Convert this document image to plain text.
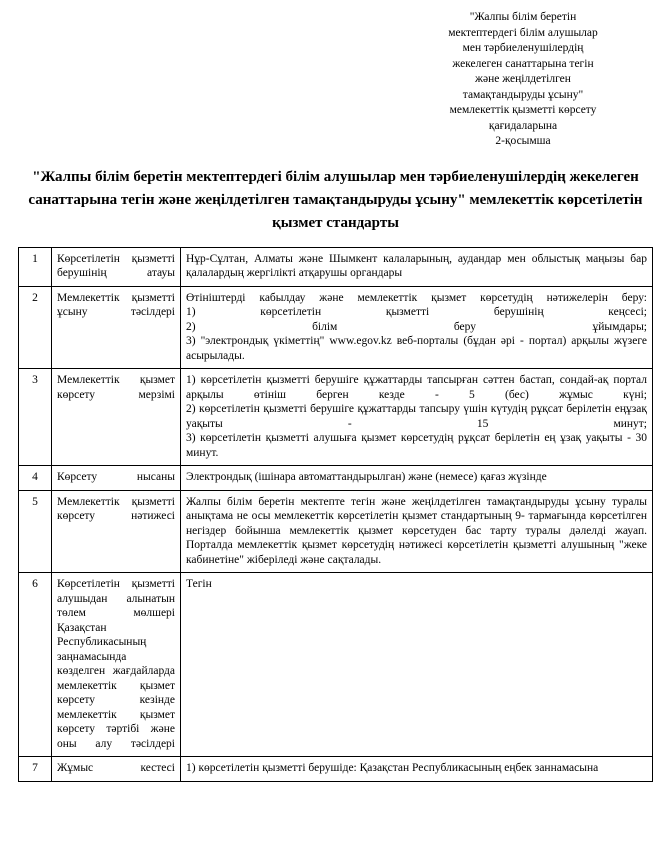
"Жалпы білім беретін
мектептердегі білім алушылар
мен тәрбиеленушілердің
жекелеген санаттарына тегін
және жеңілдетілген
тамақтандыруды ұсыну"
мемлекеттік қызметті көрсету
қағидаларына
2-қосымша
"Жалпы білім беретін мектептердегі білім алушылар мен тәрбиеленушілердің жекелеген санаттарына тегін және жеңілдетілген тамақтандыруды ұсыну" мемлекеттік көрсетілетін қызмет стандарты
1	Көрсетілетін қызметті берушінің атауы	Нұр-Сұлтан, Алматы және Шымкент калаларының, аудандар мен облыстық маңызы бар қалалардың жергілікті атқарушы органдары

2	Мемлекеттік қызметті ұсыну тәсілдері	Өтініштерді кабылдау және мемлекеттік қызмет көрсетудің нәтижелерін беру:

1) көрсетілетін қызметті берушінің кеңсесі;

2) білім беру ұйымдары;

3) "электрондық үкіметтің" www.egov.kz веб-порталы (бұдан әрі - портал) арқылы жүзеге асырылады.

3	Мемлекеттік қызмет көрсету мерзімі	1) көрсетілетін қызметті берушіге құжаттарды тапсырған сәттен бастап, сондай-ақ портал арқылы өтініш берген кезде - 5 (бес) жұмыс күні;

2) көрсетілетін қызметті берушіге құжаттарды тапсыру үшін күтудің рұқсат берілетін еңұзақ уақыты - 15 минут;

3) көрсетілетін қызметті алушыға қызмет көрсетудің рұқсат берілетін ең ұзақ уақыты - 30 минут.

4	Көрсету нысаны	Электрондық (ішінара автоматтандырылган) және (немесе) қағаз жүзінде

5	Мемлекеттік қызметті көрсету нәтижесі	Жалпы білім беретін мектепте тегін және жеңілдетілген тамақтандыруды ұсыну туралы анықтама не осы мемлекеттік көрсетілетін қызмет стандартының 9- тармағында көрсетілген негіздер бойынша мемлекеттік қызмет көрсетуден бас тарту туралы дәлелді жауап.

Порталда мемлекеттік қызмет көрсетудің нәтижесі көрсетілетін қызметті алушының "жеке кабинетіне" жіберіледі және сақталады.

6	Көрсетілетін қызметті алушыдан алынатын төлем мөлшері Қазақстан Республикасының заңнамасында көзделген жағдайларда мемлекеттік қызмет көрсету кезінде мемлекеттік қызмет көрсету тәртібі және оны алу тәсілдері	Тегін

7	Жұмыс кестесі	1) көрсетілетін қызметті берушіде: Қазақстан Республикасының еңбек заннамасына
